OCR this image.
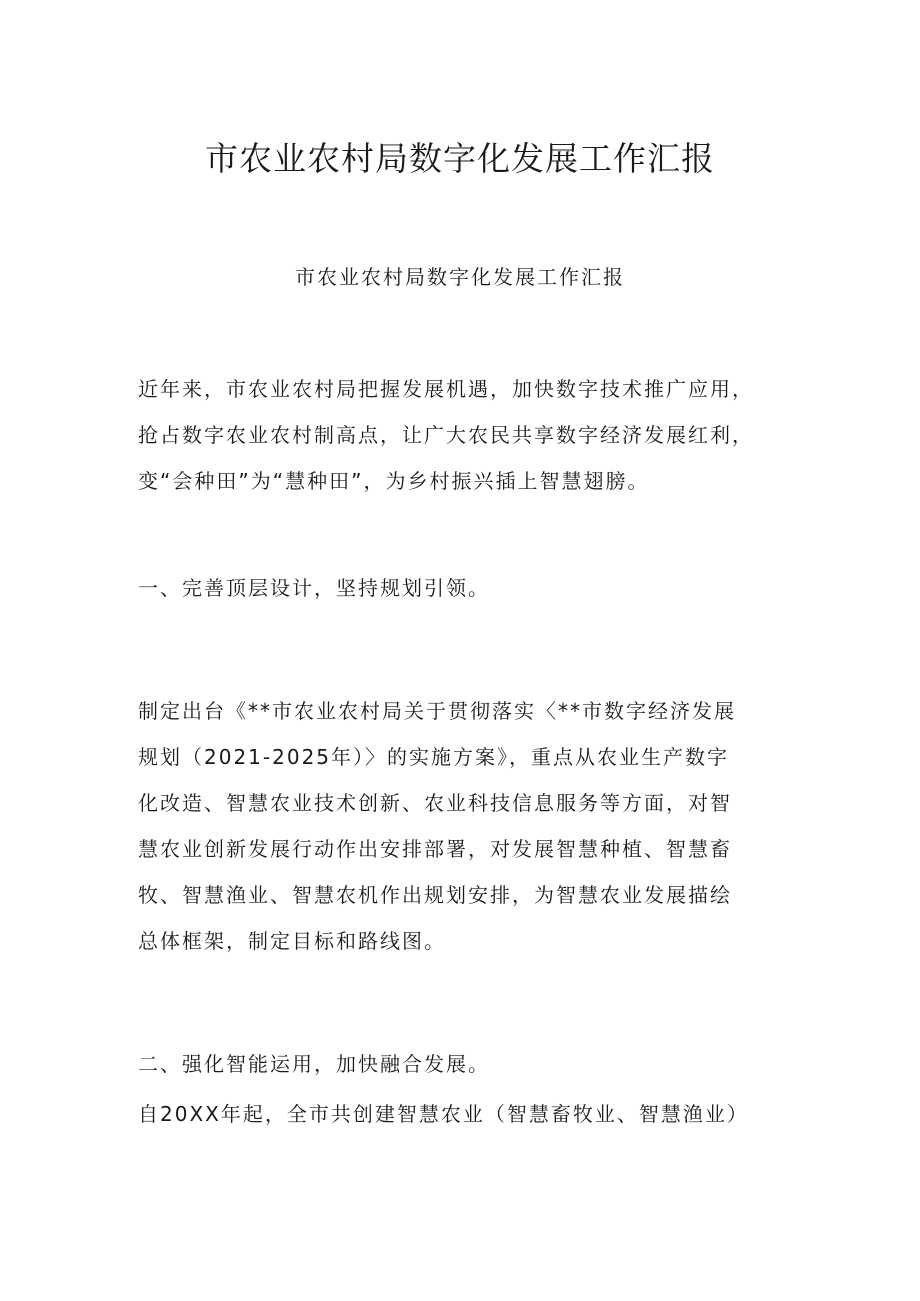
市农业农村局数字化发展工作汇报
市农业农村局数字化发展工作汇报
近年来，市农业农村局把握发展机遇，加快数字技术推广应用，
抢占数字农业农村制高点，让广大农民共享数字经济发展红利，
变“会种田”为“慧种田”，为乡村振兴插上智慧翅膀。
一、完善顶层设计，坚持规划引领。
制定出台《**市农业农村局关于贯彻落实〈**市数字经济发展
规划（2021-2025年）〉的实施方案》，重点从农业生产数字
化改造、智慧农业技术创新、农业科技信息服务等方面，对智
慧农业创新发展行动作出安排部署，对发展智慧种植、智慧畜
牧、智慧渔业、智慧农机作出规划安排，为智慧农业发展描绘
总体框架，制定目标和路线图。
二、强化智能运用，加快融合发展。
自20XX年起，全市共创建智慧农业（智慧畜牧业、智慧渔业）
